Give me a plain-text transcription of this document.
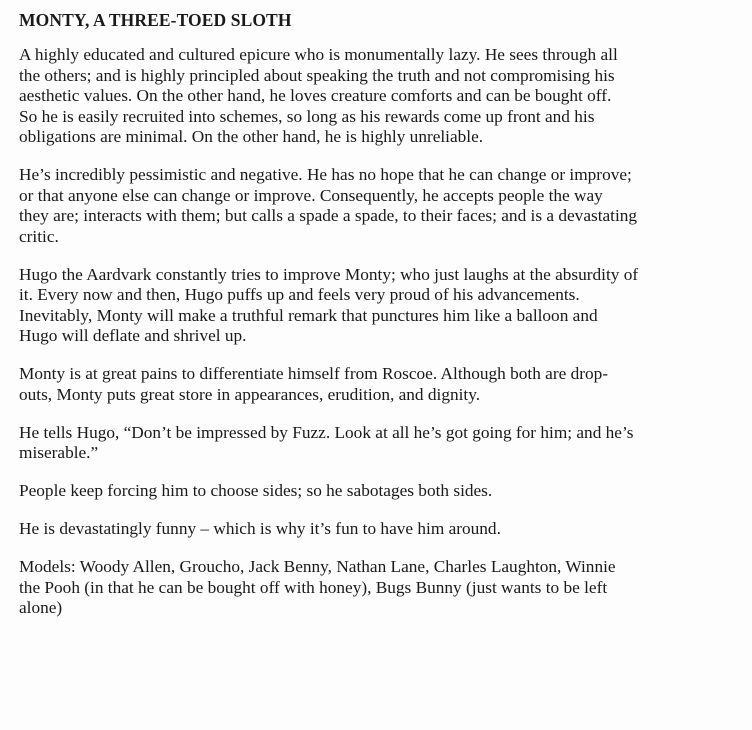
MONTY, A THREE-TOED SLOTH
A highly educated and cultured epicure who is monumentally lazy. He sees through all
the others; and is highly principled about speaking the truth and not compromising his
aesthetic values. On the other hand, he loves creature comforts and can be bought off.
So he is easily recruited into schemes, so long as his rewards come up front and his
obligations are minimal. On the other hand, he is highly unreliable.
He’s incredibly pessimistic and negative. He has no hope that he can change or improve;
or that anyone else can change or improve. Consequently, he accepts people the way
they are; interacts with them; but calls a spade a spade, to their faces; and is a devastating
critic.
Hugo the Aardvark constantly tries to improve Monty; who just laughs at the absurdity of
it. Every now and then, Hugo puffs up and feels very proud of his advancements.
Inevitably, Monty will make a truthful remark that punctures him like a balloon and
Hugo will deflate and shrivel up.
Monty is at great pains to differentiate himself from Roscoe. Although both are drop-
outs, Monty puts great store in appearances, erudition, and dignity.
He tells Hugo, “Don’t be impressed by Fuzz. Look at all he’s got going for him; and he’s
miserable.”
People keep forcing him to choose sides; so he sabotages both sides.
He is devastatingly funny – which is why it’s fun to have him around.
Models: Woody Allen, Groucho, Jack Benny, Nathan Lane, Charles Laughton, Winnie
the Pooh (in that he can be bought off with honey), Bugs Bunny (just wants to be left
alone)
